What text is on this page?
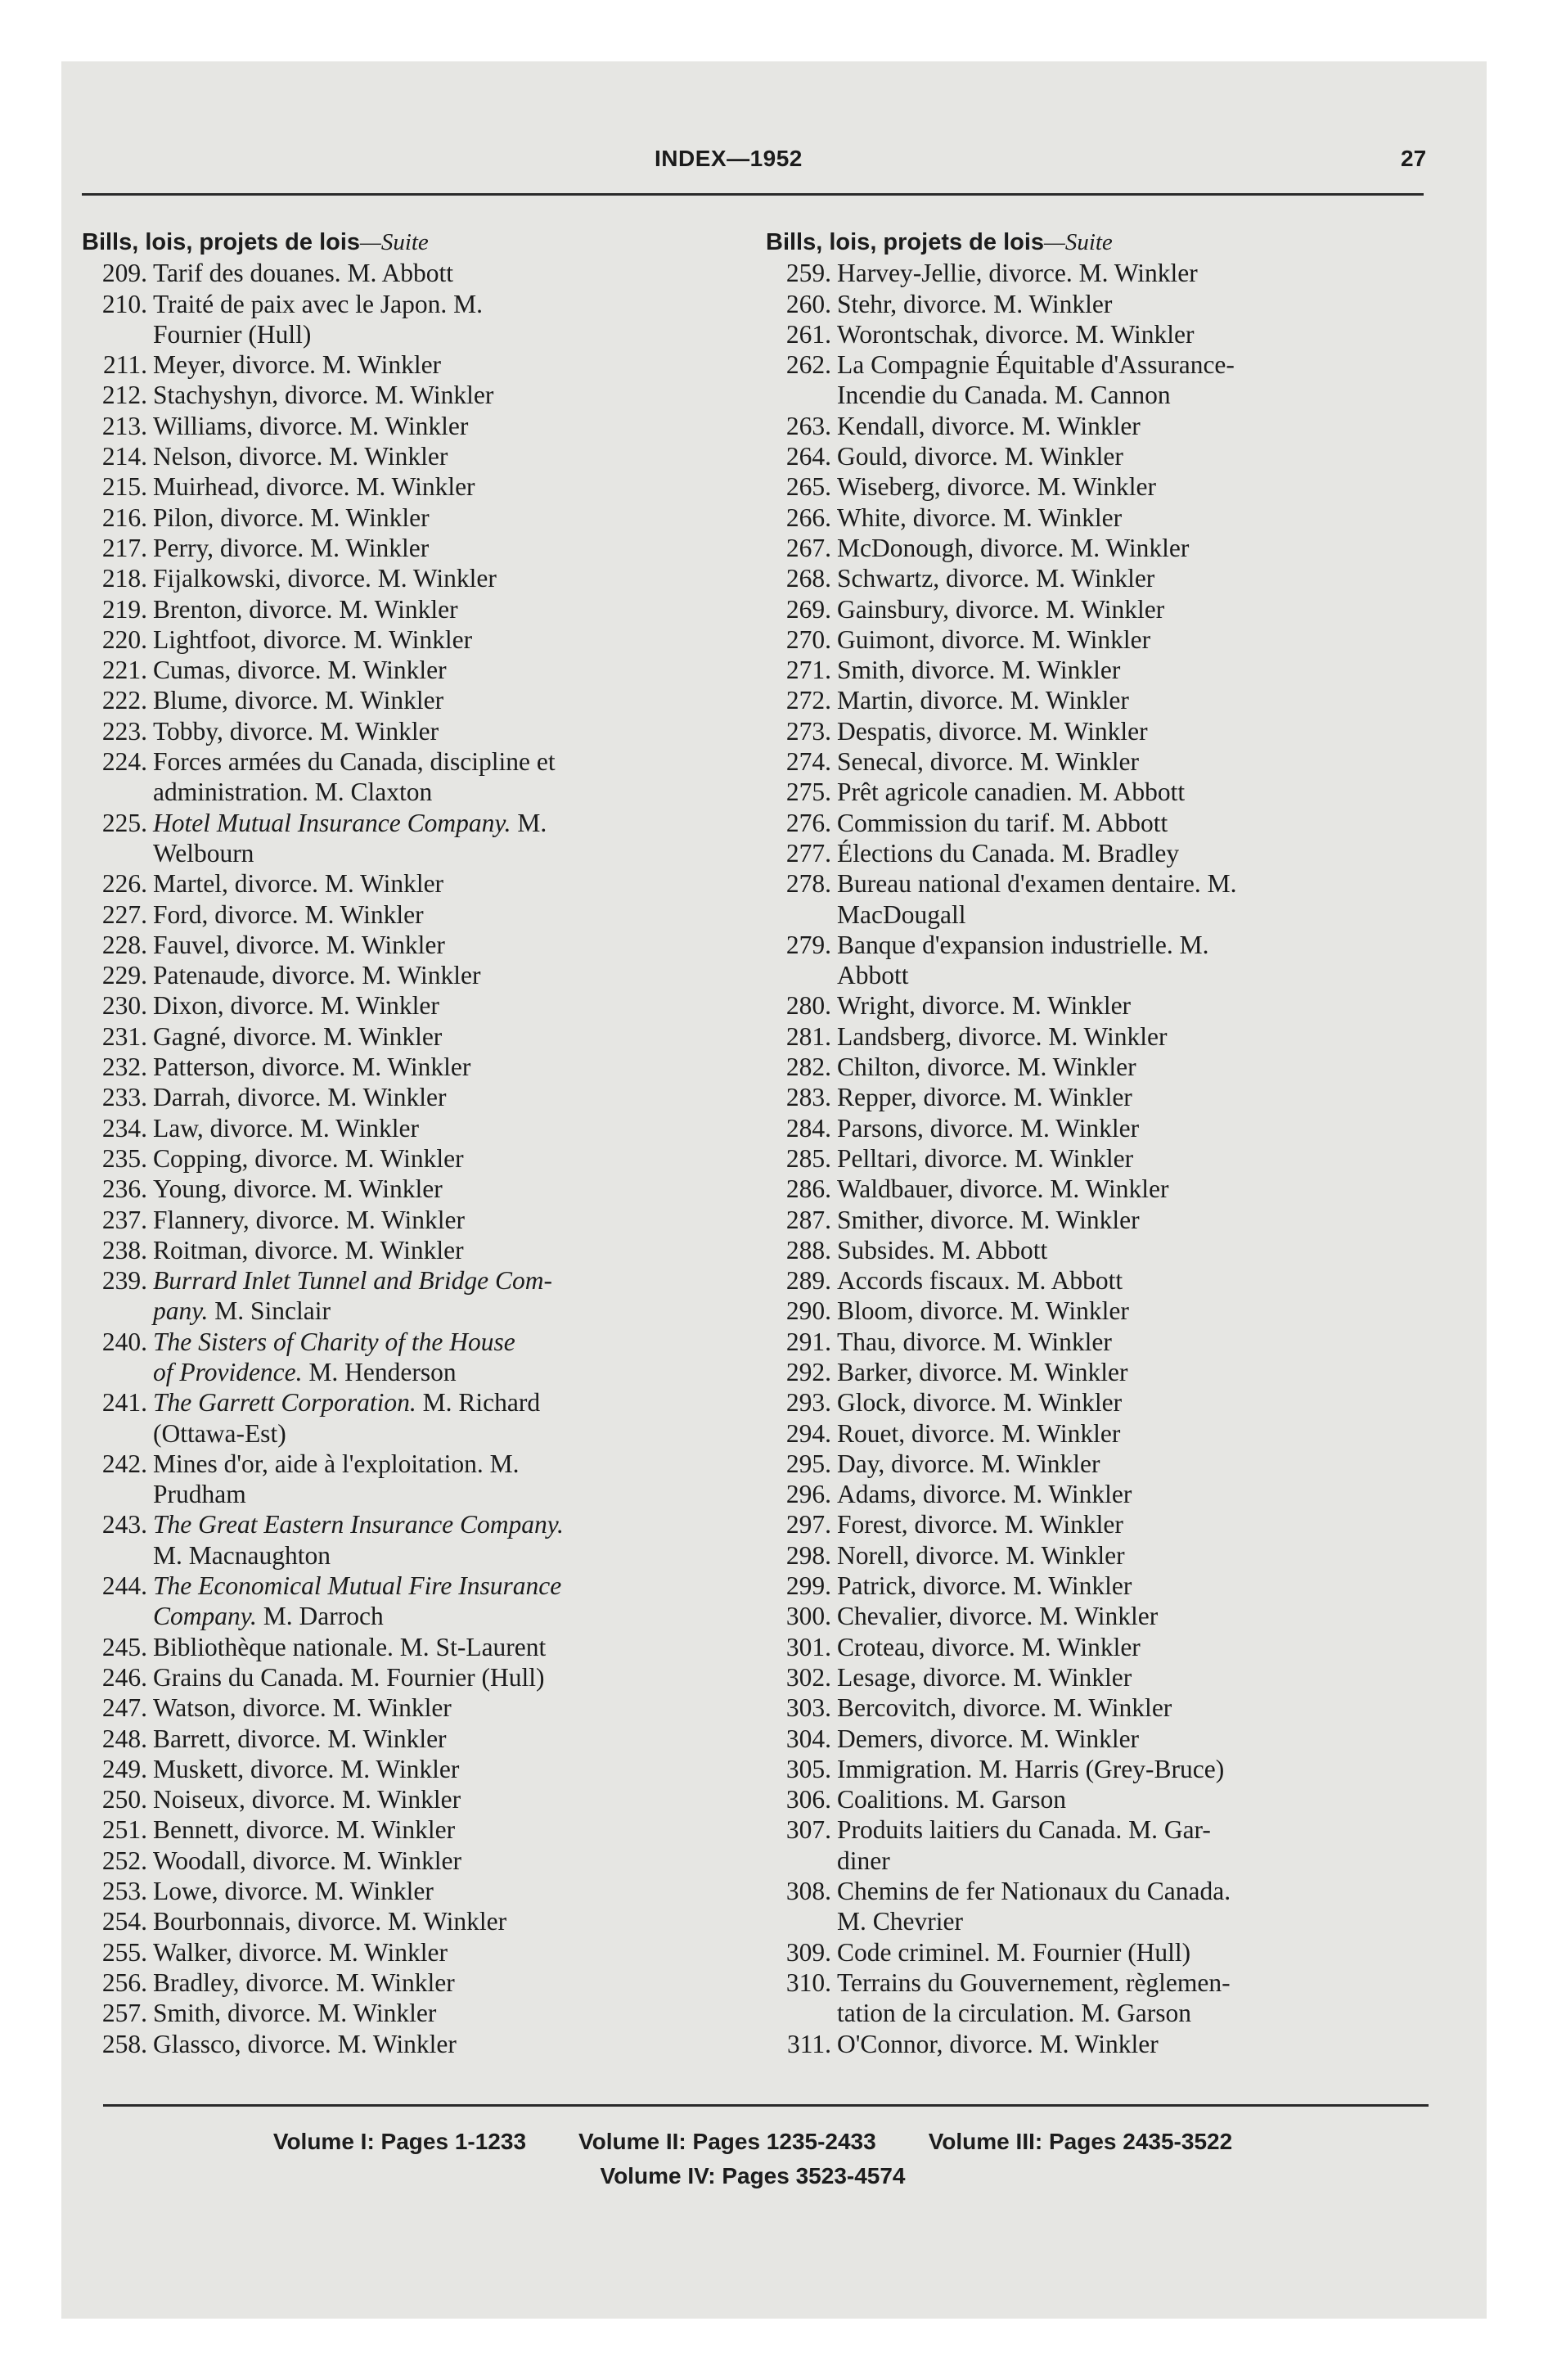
INDEX—1952	27
Bills, lois, projets de lois—Suite
209. Tarif des douanes. M. Abbott
210. Traité de paix avec le Japon. M.
Fournier (Hull)
211. Meyer, divorce. M. Winkler
212. Stachyshyn, divorce. M. Winkler
213. Williams, divorce. M. Winkler
214. Nelson, divorce. M. Winkler
215. Muirhead, divorce. M. Winkler
216. Pilon, divorce. M. Winkler
217. Perry, divorce. M. Winkler
218. Fijalkowski, divorce. M. Winkler
219. Brenton, divorce. M. Winkler
220. Lightfoot, divorce. M. Winkler
221. Cumas, divorce. M. Winkler
222. Blume, divorce. M. Winkler
223. Tobby, divorce. M. Winkler
224. Forces armées du Canada, discipline et
administration. M. Claxton
225. Hotel Mutual Insurance Company. M.
Welbourn
226. Martel, divorce. M. Winkler
227. Ford, divorce. M. Winkler
228. Fauvel, divorce. M. Winkler
229. Patenaude, divorce. M. Winkler
230. Dixon, divorce. M. Winkler
231. Gagné, divorce. M. Winkler
232. Patterson, divorce. M. Winkler
233. Darrah, divorce. M. Winkler
234. Law, divorce. M. Winkler
235. Copping, divorce. M. Winkler
236. Young, divorce. M. Winkler
237. Flannery, divorce. M. Winkler
238. Roitman, divorce. M. Winkler
239. Burrard Inlet Tunnel and Bridge Com-
pany. M. Sinclair
240. The Sisters of Charity of the House
of Providence. M. Henderson
241. The Garrett Corporation. M. Richard
(Ottawa-Est)
242. Mines d'or, aide à l'exploitation. M.
Prudham
243. The Great Eastern Insurance Company.
M. Macnaughton
244. The Economical Mutual Fire Insurance
Company. M. Darroch
245. Bibliothèque nationale. M. St-Laurent
246. Grains du Canada. M. Fournier (Hull)
247. Watson, divorce. M. Winkler
248. Barrett, divorce. M. Winkler
249. Muskett, divorce. M. Winkler
250. Noiseux, divorce. M. Winkler
251. Bennett, divorce. M. Winkler
252. Woodall, divorce. M. Winkler
253. Lowe, divorce. M. Winkler
254. Bourbonnais, divorce. M. Winkler
255. Walker, divorce. M. Winkler
256. Bradley, divorce. M. Winkler
257. Smith, divorce. M. Winkler
258. Glassco, divorce. M. Winkler
Bills, lois, projets de lois—Suite
259. Harvey-Jellie, divorce. M. Winkler
260. Stehr, divorce. M. Winkler
261. Worontschak, divorce. M. Winkler
262. La Compagnie Équitable d'Assurance-
Incendie du Canada. M. Cannon
263. Kendall, divorce. M. Winkler
264. Gould, divorce. M. Winkler
265. Wiseberg, divorce. M. Winkler
266. White, divorce. M. Winkler
267. McDonough, divorce. M. Winkler
268. Schwartz, divorce. M. Winkler
269. Gainsbury, divorce. M. Winkler
270. Guimont, divorce. M. Winkler
271. Smith, divorce. M. Winkler
272. Martin, divorce. M. Winkler
273. Despatis, divorce. M. Winkler
274. Senecal, divorce. M. Winkler
275. Prêt agricole canadien. M. Abbott
276. Commission du tarif. M. Abbott
277. Élections du Canada. M. Bradley
278. Bureau national d'examen dentaire. M.
MacDougall
279. Banque d'expansion industrielle. M.
Abbott
280. Wright, divorce. M. Winkler
281. Landsberg, divorce. M. Winkler
282. Chilton, divorce. M. Winkler
283. Repper, divorce. M. Winkler
284. Parsons, divorce. M. Winkler
285. Pelltari, divorce. M. Winkler
286. Waldbauer, divorce. M. Winkler
287. Smither, divorce. M. Winkler
288. Subsides. M. Abbott
289. Accords fiscaux. M. Abbott
290. Bloom, divorce. M. Winkler
291. Thau, divorce. M. Winkler
292. Barker, divorce. M. Winkler
293. Glock, divorce. M. Winkler
294. Rouet, divorce. M. Winkler
295. Day, divorce. M. Winkler
296. Adams, divorce. M. Winkler
297. Forest, divorce. M. Winkler
298. Norell, divorce. M. Winkler
299. Patrick, divorce. M. Winkler
300. Chevalier, divorce. M. Winkler
301. Croteau, divorce. M. Winkler
302. Lesage, divorce. M. Winkler
303. Bercovitch, divorce. M. Winkler
304. Demers, divorce. M. Winkler
305. Immigration. M. Harris (Grey-Bruce)
306. Coalitions. M. Garson
307. Produits laitiers du Canada. M. Gar-
diner
308. Chemins de fer Nationaux du Canada.
M. Chevrier
309. Code criminel. M. Fournier (Hull)
310. Terrains du Gouvernement, règlemen-
tation de la circulation. M. Garson
311. O'Connor, divorce. M. Winkler
Volume I: Pages 1-1233 Volume II: Pages 1235-2433 Volume III: Pages 2435-3522
Volume IV: Pages 3523-4574
